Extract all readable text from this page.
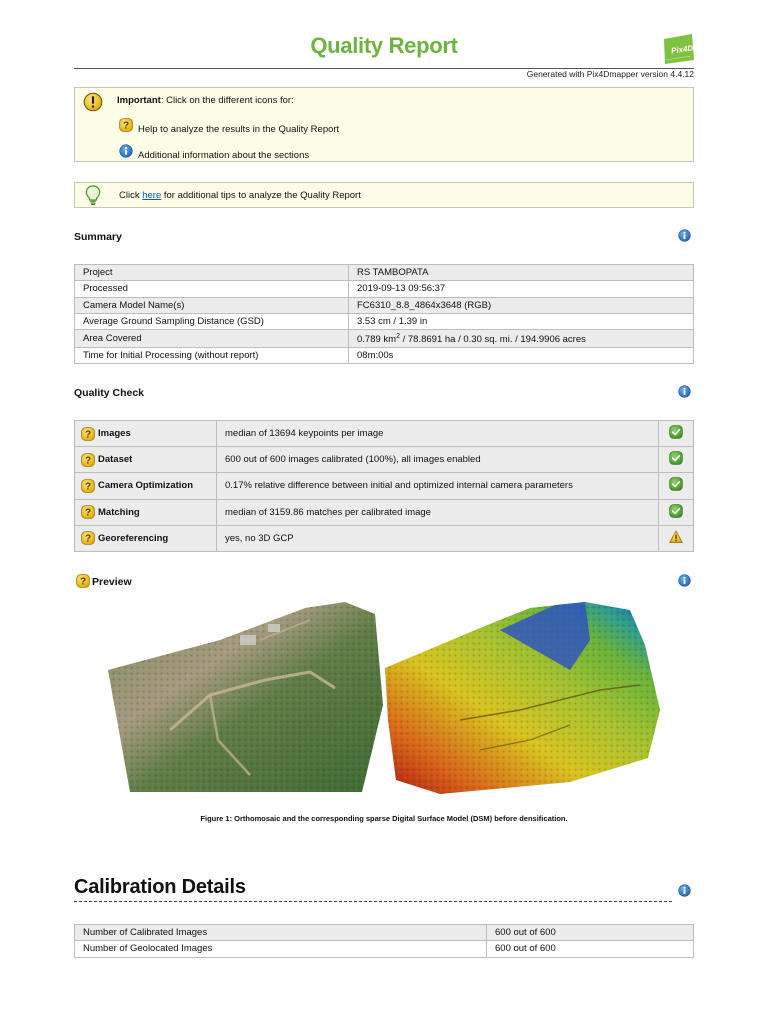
Quality Report	Pix4D
Generated with Pix4Dmapper version 4.4.12
Important: Click on the different icons for:
Help to analyze the results in the Quality Report
Additional information about the sections
Click here for additional tips to analyze the Quality Report
Summary
Project	RS TAMBOPATA
Processed	2019-09-13 09:56:37
Camera Model Name(s)	FC6310_8.8_4864x3648 (RGB)
Average Ground Sampling Distance (GSD)	3.53 cm / 1.39 in
Area Covered	0.789 $km^2 / 78.8691$ ha / 0.30 sq. mi. / 194.9906 acres
Time for Initial Processing (without report)	08m:00s
Quality Check
Images	median of 13694 keypoints per image	

Dataset	600 out of 600 images calibrated (100%), all images enabled	

Camera Optimization	0.17% relative difference between initial and optimized internal camera parameters	

Matching	median of 3159.86 matches per calibrated image	

Georeferencing	yes, no 3D GCP	
Preview
Figure 1: Orthomosaic and the corresponding sparse Digital Surface Model (DSM) before densification.
Calibration Details
Number of Calibrated Images	600 out of 600
Number of Geolocated Images	600 out of 600
